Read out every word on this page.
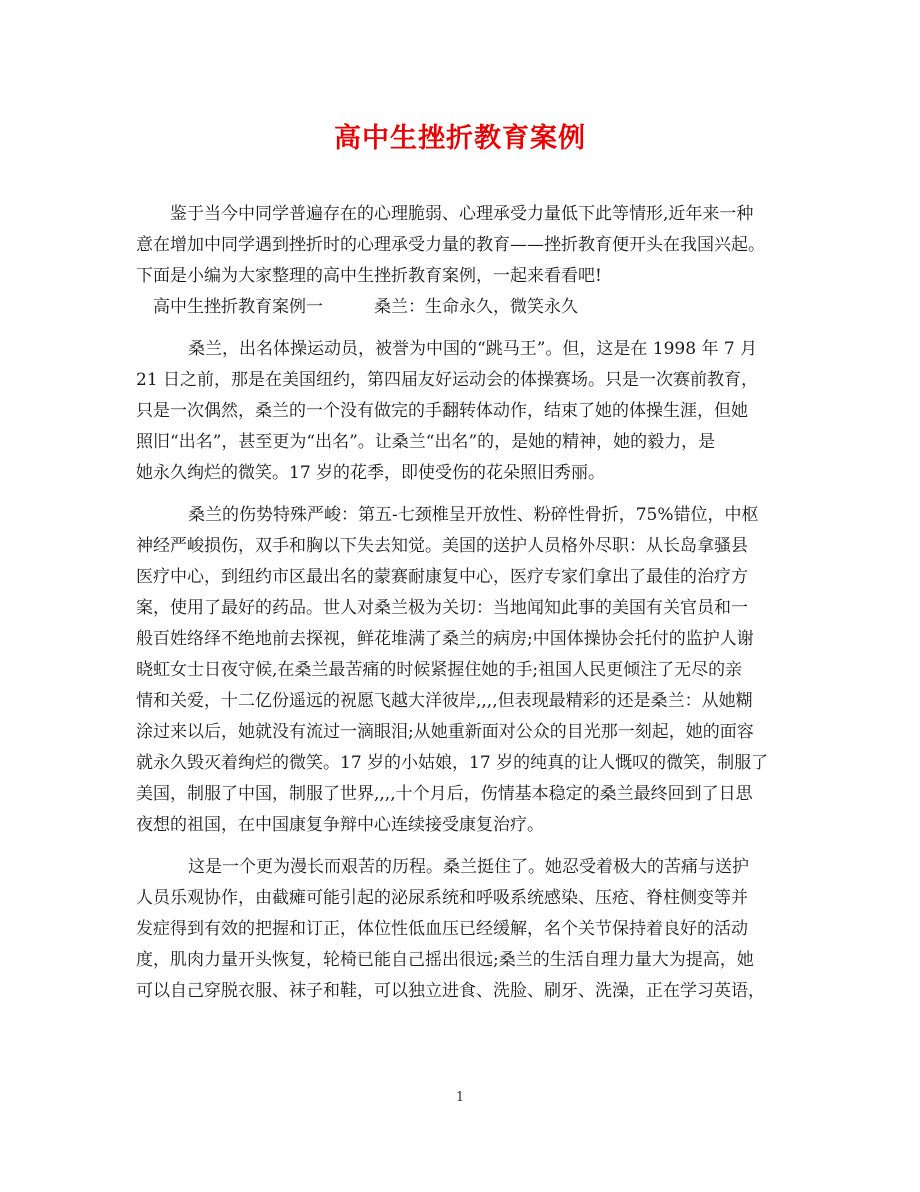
高中生挫折教育案例
鉴于当今中同学普遍存在的心理脆弱、心理承受力量低下此等情形,近年来一种
意在增加中同学遇到挫折时的心理承受力量的教育——挫折教育便开头在我国兴起。
下面是小编为大家整理的高中生挫折教育案例，一起来看看吧!
高中生挫折教育案例一　　　桑兰：生命永久，微笑永久
桑兰，出名体操运动员，被誉为中国的“跳马王”。但，这是在 1998 年 7 月
21 日之前，那是在美国纽约，第四届友好运动会的体操赛场。只是一次赛前教育，
只是一次偶然，桑兰的一个没有做完的手翻转体动作，结束了她的体操生涯，但她
照旧“出名”，甚至更为“出名”。让桑兰“出名”的，是她的精神，她的毅力，是
她永久绚烂的微笑。17 岁的花季，即使受伤的花朵照旧秀丽。
桑兰的伤势特殊严峻：第五-七颈椎呈开放性、粉碎性骨折，75%错位，中枢
神经严峻损伤，双手和胸以下失去知觉。美国的送护人员格外尽职：从长岛拿骚县
医疗中心，到纽约市区最出名的蒙赛耐康复中心，医疗专家们拿出了最佳的治疗方
案，使用了最好的药品。世人对桑兰极为关切：当地闻知此事的美国有关官员和一
般百姓络绎不绝地前去探视，鲜花堆满了桑兰的病房;中国体操协会托付的监护人谢
晓虹女士日夜守候,在桑兰最苦痛的时候紧握住她的手;祖国人民更倾注了无尽的亲
情和关爱，十二亿份遥远的祝愿飞越大洋彼岸,,,,但表现最精彩的还是桑兰：从她糊
涂过来以后，她就没有流过一滴眼泪;从她重新面对公众的目光那一刻起，她的面容
就永久毁灭着绚烂的微笑。17 岁的小姑娘，17 岁的纯真的让人慨叹的微笑，制服了
美国，制服了中国，制服了世界,,,,十个月后，伤情基本稳定的桑兰最终回到了日思
夜想的祖国，在中国康复争辩中心连续接受康复治疗。
这是一个更为漫长而艰苦的历程。桑兰挺住了。她忍受着极大的苦痛与送护
人员乐观协作，由截瘫可能引起的泌尿系统和呼吸系统感染、压疮、脊柱侧变等并
发症得到有效的把握和订正，体位性低血压已经缓解，名个关节保持着良好的活动
度，肌肉力量开头恢复，轮椅已能自己摇出很远;桑兰的生活自理力量大为提高，她
可以自己穿脱衣服、袜子和鞋，可以独立进食、洗脸、刷牙、洗澡，正在学习英语，
1
